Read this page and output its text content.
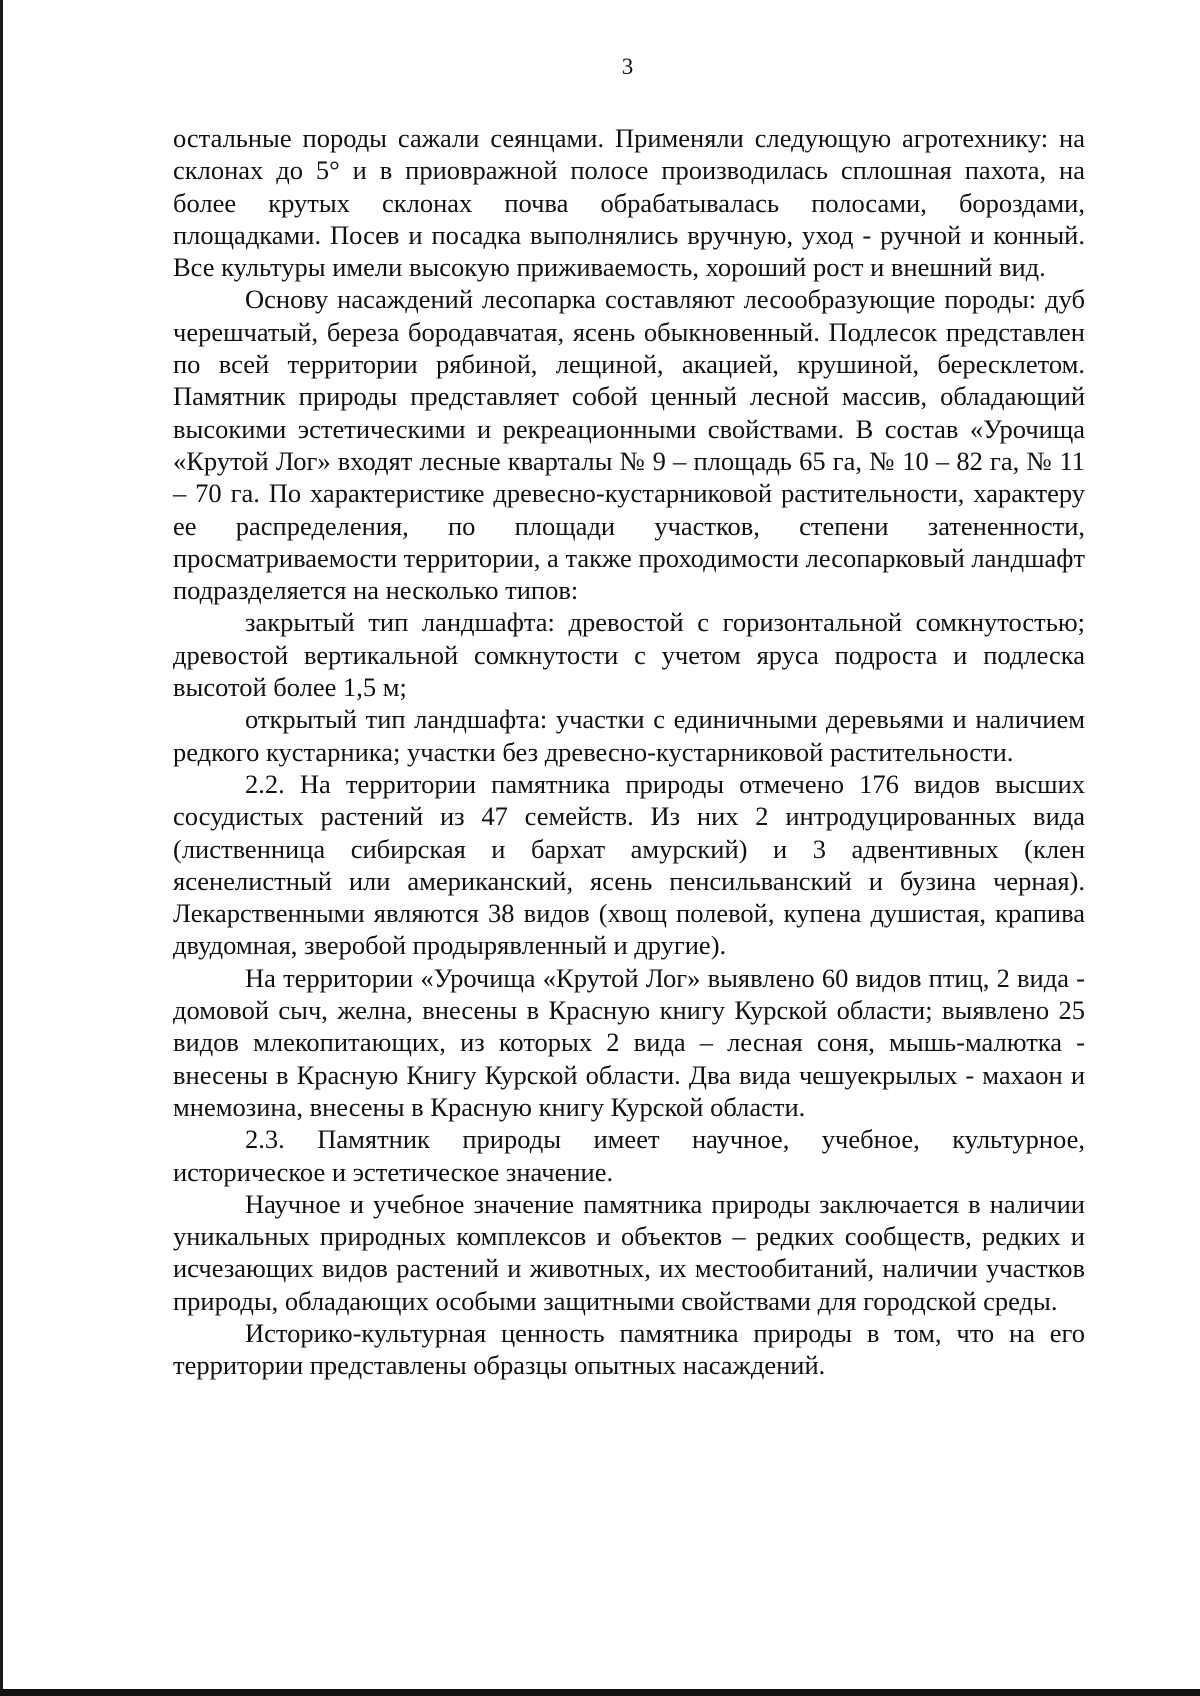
3

остальные породы сажали сеянцами. Применяли следующую агротехнику: на склонах до 5° и в приовражной полосе производилась сплошная пахота, на более крутых склонах почва обрабатывалась полосами, бороздами, площадками. Посев и посадка выполнялись вручную, уход - ручной и конный. Все культуры имели высокую приживаемость, хороший рост и внешний вид.

Основу насаждений лесопарка составляют лесообразующие породы: дуб черешчатый, береза бородавчатая, ясень обыкновенный. Подлесок представлен по всей территории рябиной, лещиной, акацией, крушиной, бересклетом. Памятник природы представляет собой ценный лесной массив, обладающий высокими эстетическими и рекреационными свойствами. В состав «Урочища «Крутой Лог» входят лесные кварталы № 9 – площадь 65 га, № 10 – 82 га, № 11 – 70 га. По характеристике древесно-кустарниковой растительности, характеру ее распределения, по площади участков, степени затененности, просматриваемости территории, а также проходимости лесопарковый ландшафт подразделяется на несколько типов:

закрытый тип ландшафта: древостой с горизонтальной сомкнутостью; древостой вертикальной сомкнутости с учетом яруса подроста и подлеска высотой более 1,5 м;

открытый тип ландшафта: участки с единичными деревьями и наличием редкого кустарника; участки без древесно-кустарниковой растительности.

2.2. На территории памятника природы отмечено 176 видов высших сосудистых растений из 47 семейств. Из них 2 интродуцированных вида (лиственница сибирская и бархат амурский) и 3 адвентивных (клен ясенелистный или американский, ясень пенсильванский и бузина черная). Лекарственными являются 38 видов (хвощ полевой, купена душистая, крапива двудомная, зверобой продырявленный и другие).

На территории «Урочища «Крутой Лог» выявлено 60 видов птиц, 2 вида - домовой сыч, желна, внесены в Красную книгу Курской области; выявлено 25 видов млекопитающих, из которых 2 вида – лесная соня, мышь-малютка - внесены в Красную Книгу Курской области. Два вида чешуекрылых - махаон и мнемозина, внесены в Красную книгу Курской области.

2.3. Памятник природы имеет научное, учебное, культурное, историческое и эстетическое значение.

Научное и учебное значение памятника природы заключается в наличии уникальных природных комплексов и объектов – редких сообществ, редких и исчезающих видов растений и животных, их местообитаний, наличии участков природы, обладающих особыми защитными свойствами для городской среды.

Историко-культурная ценность памятника природы в том, что на его территории представлены образцы опытных насаждений.
